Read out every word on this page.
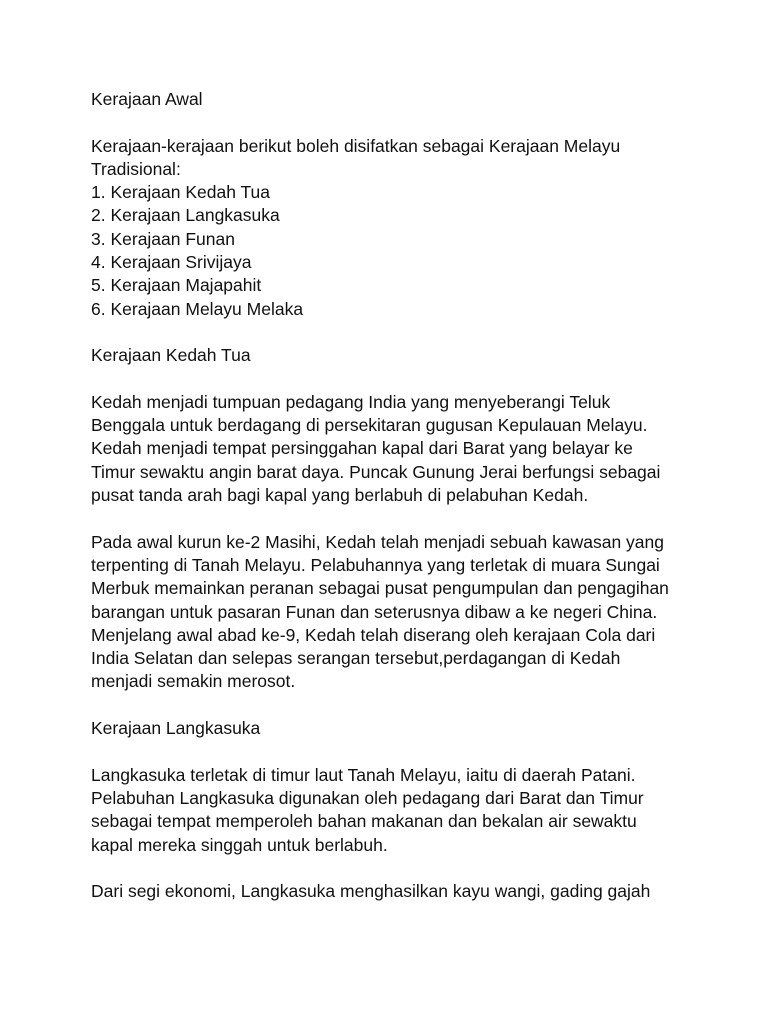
Kerajaan Awal

Kerajaan-kerajaan berikut boleh disifatkan sebagai Kerajaan Melayu
Tradisional:
1. Kerajaan Kedah Tua
2. Kerajaan Langkasuka
3. Kerajaan Funan
4. Kerajaan Srivijaya
5. Kerajaan Majapahit
6. Kerajaan Melayu Melaka

Kerajaan Kedah Tua

Kedah menjadi tumpuan pedagang India yang menyeberangi Teluk
Benggala untuk berdagang di persekitaran gugusan Kepulauan Melayu.
Kedah menjadi tempat persinggahan kapal dari Barat yang belayar ke
Timur sewaktu angin barat daya. Puncak Gunung Jerai berfungsi sebagai
pusat tanda arah bagi kapal yang berlabuh di pelabuhan Kedah.

Pada awal kurun ke-2 Masihi, Kedah telah menjadi sebuah kawasan yang
terpenting di Tanah Melayu. Pelabuhannya yang terletak di muara Sungai
Merbuk memainkan peranan sebagai pusat pengumpulan dan pengagihan
barangan untuk pasaran Funan dan seterusnya dibaw a ke negeri China.
Menjelang awal abad ke-9, Kedah telah diserang oleh kerajaan Cola dari
India Selatan dan selepas serangan tersebut,perdagangan di Kedah
menjadi semakin merosot.

Kerajaan Langkasuka

Langkasuka terletak di timur laut Tanah Melayu, iaitu di daerah Patani.
Pelabuhan Langkasuka digunakan oleh pedagang dari Barat dan Timur
sebagai tempat memperoleh bahan makanan dan bekalan air sewaktu
kapal mereka singgah untuk berlabuh.

Dari segi ekonomi, Langkasuka menghasilkan kayu wangi, gading gajah
